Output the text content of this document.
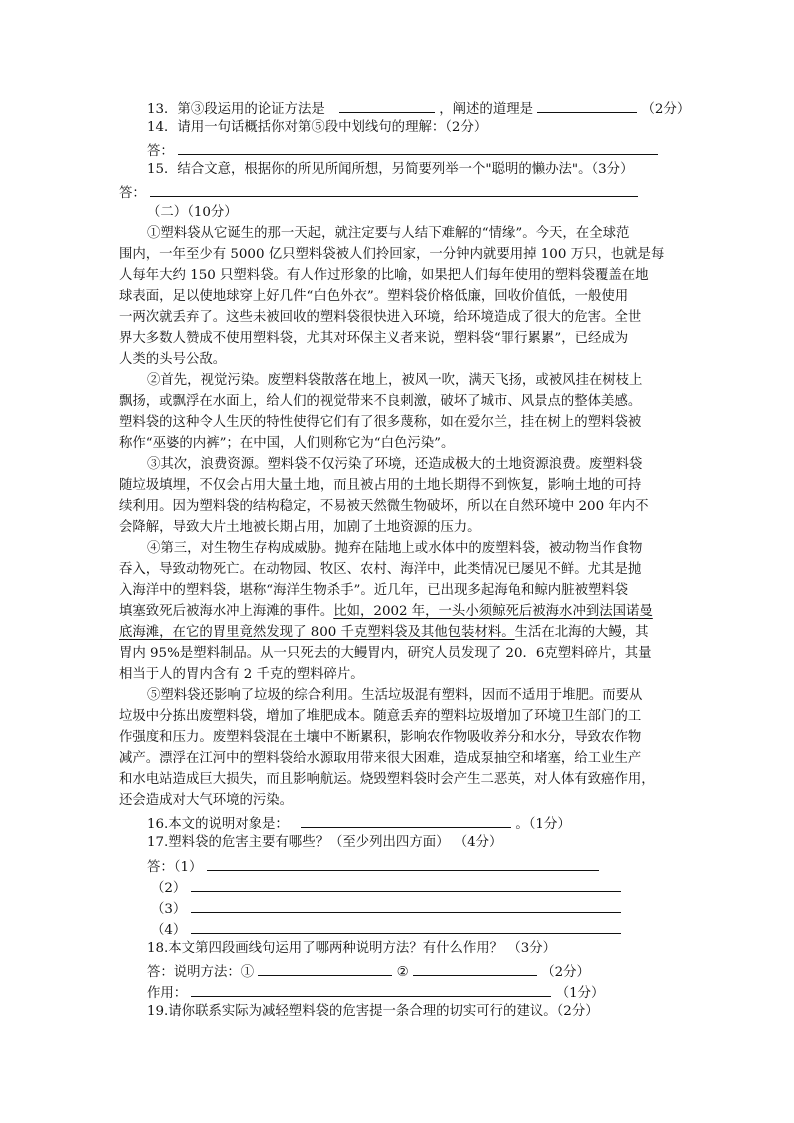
13．第③段运用的论证方法是	，阐述的道理是	（2分）
14．请用一句话概括你对第⑤段中划线句的理解：（2分）
答：
15．结合文意，根据你的所见所闻所想，另简要列举一个"聪明的懒办法"。（3分）
答：
（二）（10分）
①塑料袋从它诞生的那一天起，就注定要与人结下难解的“情缘”。今天，在全球范
围内，一年至少有 5000 亿只塑料袋被人们拎回家，一分钟内就要用掉 100 万只，也就是每
人每年大约 150 只塑料袋。有人作过形象的比喻，如果把人们每年使用的塑料袋覆盖在地
球表面，足以使地球穿上好几件“白色外衣”。塑料袋价格低廉，回收价值低，一般使用
一两次就丢弃了。这些未被回收的塑料袋很快进入环境，给环境造成了很大的危害。全世
界大多数人赞成不使用塑料袋，尤其对环保主义者来说，塑料袋“罪行累累”，已经成为
人类的头号公敌。
②首先，视觉污染。废塑料袋散落在地上，被风一吹，满天飞扬，或被风挂在树枝上
飘扬，或飘浮在水面上，给人们的视觉带来不良刺激，破坏了城市、风景点的整体美感。
塑料袋的这种令人生厌的特性使得它们有了很多蔑称，如在爱尔兰，挂在树上的塑料袋被
称作“巫婆的内裤”；在中国，人们则称它为“白色污染”。
③其次，浪费资源。塑料袋不仅污染了环境，还造成极大的土地资源浪费。废塑料袋
随垃圾填埋，不仅会占用大量土地，而且被占用的土地长期得不到恢复，影响土地的可持
续利用。因为塑料袋的结构稳定，不易被天然微生物破坏，所以在自然环境中 200 年内不
会降解，导致大片土地被长期占用，加剧了土地资源的压力。
④第三，对生物生存构成威胁。抛弃在陆地上或水体中的废塑料袋，被动物当作食物
吞入，导致动物死亡。在动物园、牧区、农村、海洋中，此类情况已屡见不鲜。尤其是抛
入海洋中的塑料袋，堪称“海洋生物杀手”。近几年，已出现多起海龟和鲸内脏被塑料袋
填塞致死后被海水冲上海滩的事件。比如，2002 年，一头小须鲸死后被海水冲到法国诺曼
底海滩，在它的胃里竟然发现了 800 千克塑料袋及其他包装材料。生活在北海的大鳗，其
胃内 95%是塑料制品。从一只死去的大鳗胃内，研究人员发现了 20．6克塑料碎片，其量
相当于人的胃内含有 2 千克的塑料碎片。
⑤塑料袋还影响了垃圾的综合利用。生活垃圾混有塑料，因而不适用于堆肥。而要从
垃圾中分拣出废塑料袋，增加了堆肥成本。随意丢弃的塑料垃圾增加了环境卫生部门的工
作强度和压力。废塑料袋混在土壤中不断累积，影响农作物吸收养分和水分，导致农作物
减产。漂浮在江河中的塑料袋给水源取用带来很大困难，造成泵抽空和堵塞，给工业生产
和水电站造成巨大损失，而且影响航运。烧毁塑料袋时会产生二恶英，对人体有致癌作用，
还会造成对大气环境的污染。
16.本文的说明对象是：	。（1分）
17.塑料袋的危害主要有哪些？（至少列出四方面） （4分）
答：（1）
（2）
（3）
（4）
18.本文第四段画线句运用了哪两种说明方法？有什么作用？ （3分）
答：说明方法：①	②	（2分）
作用：	（1分）
19.请你联系实际为减轻塑料袋的危害提一条合理的切实可行的建议。（2分）
